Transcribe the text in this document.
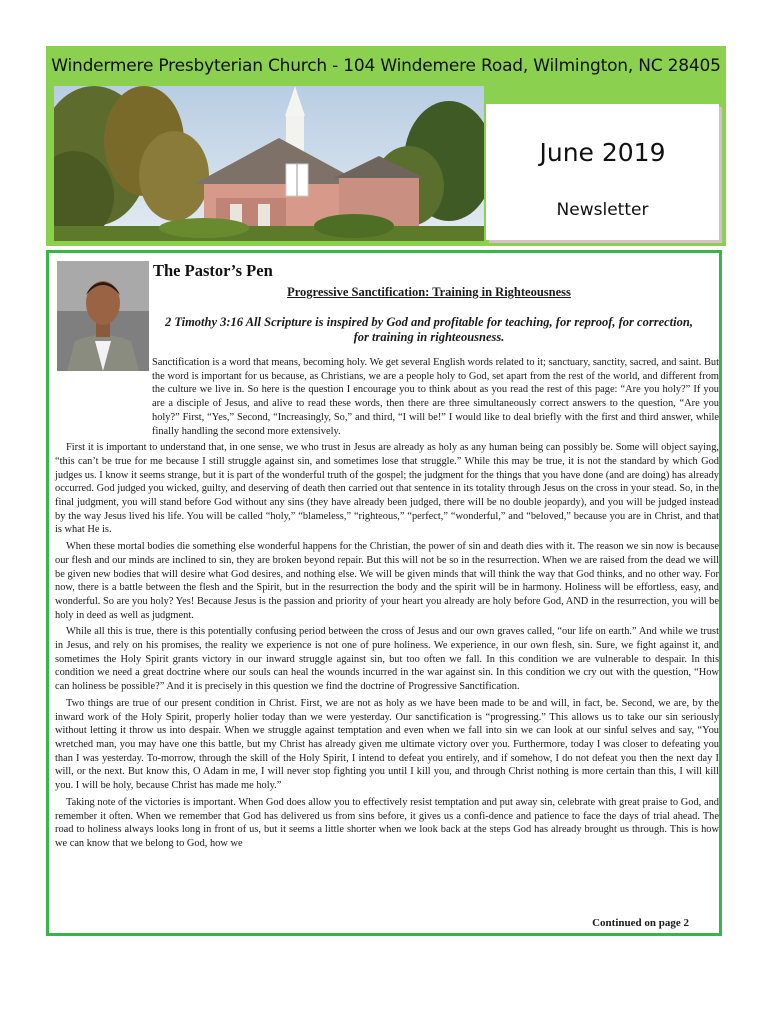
Windermere Presbyterian Church - 104 Windemere Road, Wilmington, NC 28405
June 2019
Newsletter
The Pastor’s Pen
Progressive Sanctification: Training in Righteousness
2 Timothy 3:16 All Scripture is inspired by God and profitable for teaching, for reproof, for correction, for training in righteousness.

Sanctification is a word that means, becoming holy. We get several English words related to it; sanctuary, sanctity, sacred, and saint. But the word is important for us because, as Christians, we are a people holy to God, set apart from the rest of the world, and different from the culture we live in. So here is the question I encourage you to think about as you read the rest of this page: “Are you holy?” If you are a disciple of Jesus, and alive to read these words, then there are three simultaneously correct answers to the question, “Are you holy?” First, “Yes,” Second, “Increasingly, So,” and third, “I will be!” I would like to deal briefly with the first and third answer, while finally handling the second more extensively.

First it is important to understand that, in one sense, we who trust in Jesus are already as holy as any human being can possibly be. Some will object saying, “this can’t be true for me because I still struggle against sin, and sometimes lose that struggle.” While this may be true, it is not the standard by which God judges us. I know it seems strange, but it is part of the wonderful truth of the gospel; the judgment for the things that you have done (and are doing) has already occurred. God judged you wicked, guilty, and deserving of death then carried out that sentence in its totality through Jesus on the cross in your stead. So, in the final judgment, you will stand before God without any sins (they have already been judged, there will be no double jeopardy), and you will be judged instead by the way Jesus lived his life. You will be called “holy,” “blameless,” “righteous,” “perfect,” “wonderful,” and “beloved,” because you are in Christ, and that is what He is.

When these mortal bodies die something else wonderful happens for the Christian, the power of sin and death dies with it. The reason we sin now is because our flesh and our minds are inclined to sin, they are broken beyond repair. But this will not be so in the resurrection. When we are raised from the dead we will be given new bodies that will desire what God desires, and nothing else. We will be given minds that will think the way that God thinks, and no other way. For now, there is a battle between the flesh and the Spirit, but in the resurrection the body and the spirit will be in harmony. Holiness will be effortless, easy, and wonderful. So are you holy? Yes! Because Jesus is the passion and priority of your heart you already are holy before God, AND in the resurrection, you will be holy in deed as well as judgment.

While all this is true, there is this potentially confusing period between the cross of Jesus and our own graves called, “our life on earth.” And while we trust in Jesus, and rely on his promises, the reality we experience is not one of pure holiness. We experience, in our own flesh, sin. Sure, we fight against it, and sometimes the Holy Spirit grants victory in our inward struggle against sin, but too often we fall. In this condition we are vulnerable to despair. In this condition we need a great doctrine where our souls can heal the wounds incurred in the war against sin. In this condition we cry out with the question, “How can holiness be possible?” And it is precisely in this question we find the doctrine of Progressive Sanctification.

Two things are true of our present condition in Christ. First, we are not as holy as we have been made to be and will, in fact, be. Second, we are, by the inward work of the Holy Spirit, properly holier today than we were yesterday. Our sanctification is “progressing.” This allows us to take our sin seriously without letting it throw us into despair. When we struggle against temptation and even when we fall into sin we can look at our sinful selves and say, “You wretched man, you may have one this battle, but my Christ has already given me ultimate victory over you. Furthermore, today I was closer to defeating you than I was yesterday. To-morrow, through the skill of the Holy Spirit, I intend to defeat you entirely, and if somehow, I do not defeat you then the next day I will, or the next. But know this, O Adam in me, I will never stop fighting you until I kill you, and through Christ nothing is more certain than this, I will kill you. I will be holy, because Christ has made me holy.”

Taking note of the victories is important. When God does allow you to effectively resist temptation and put away sin, celebrate with great praise to God, and remember it often. When we remember that God has delivered us from sins before, it gives us a confi-dence and patience to face the days of trial ahead. The road to holiness always looks long in front of us, but it seems a little shorter when we look back at the steps God has already brought us through. This is how we can know that we belong to God, how we

Continued on page 2
